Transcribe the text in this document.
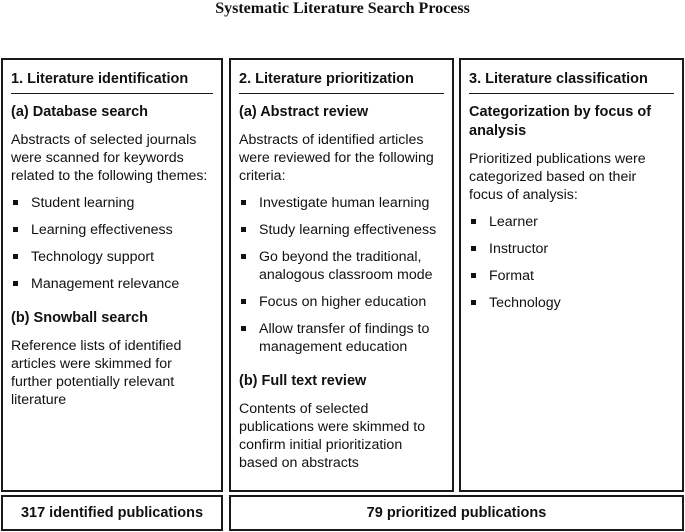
Systematic Literature Search Process
1. Literature identification
(a) Database search
Abstracts of selected journals were scanned for keywords related to the following themes:
Student learning
Learning effectiveness
Technology support
Management relevance
(b) Snowball search
Reference lists of identified articles were skimmed for further potentially relevant literature
2. Literature prioritization
(a) Abstract review
Abstracts of identified articles were reviewed for the following criteria:
Investigate human learning
Study learning effectiveness
Go beyond the traditional, analogous classroom mode
Focus on higher education
Allow transfer of findings to management education
(b) Full text review
Contents of selected publications were skimmed to confirm initial prioritization based on abstracts
3. Literature classification
Categorization by focus of analysis
Prioritized publications were categorized based on their focus of analysis:
Learner
Instructor
Format
Technology
317 identified publications	79 prioritized publications
